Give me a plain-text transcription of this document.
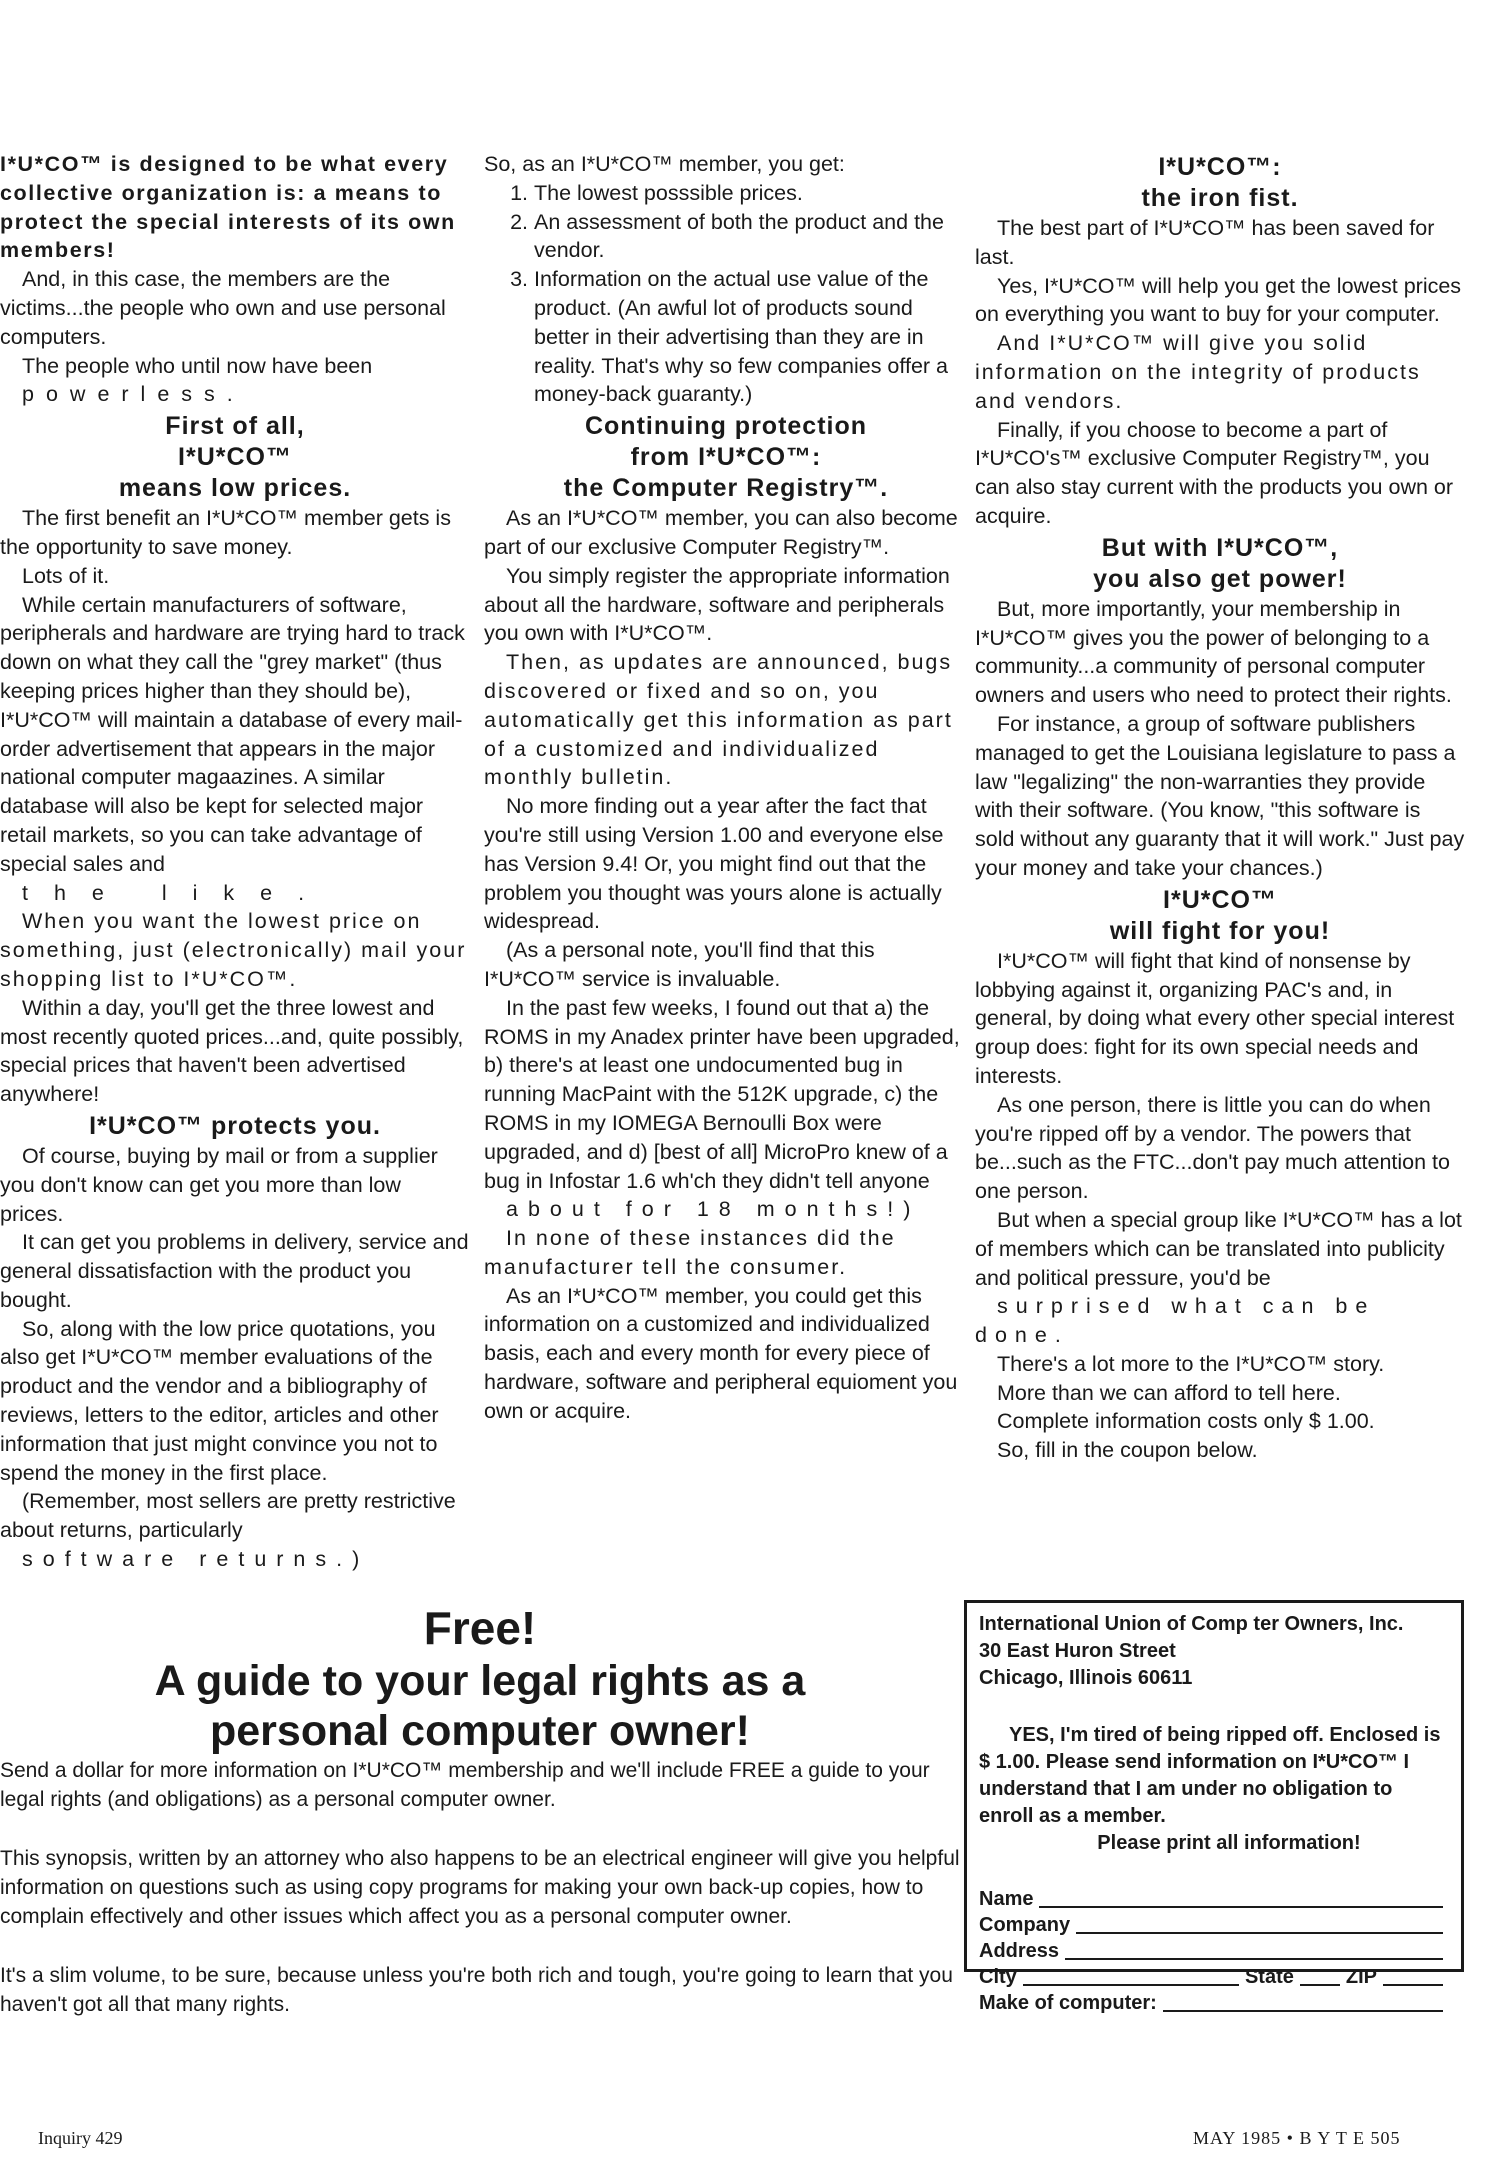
I*U*CO™ is designed to be what every collective organization is: a means to protect the special interests of its own members!

And, in this case, the members are the victims...the people who own and use personal computers.

The people who until now have been

powerless.

First of all,
I*U*CO™
means low prices.

The first benefit an I*U*CO™ member gets is the opportunity to save money.

Lots of it.

While certain manufacturers of software, peripherals and hardware are trying hard to track down on what they call the "grey market" (thus keeping prices higher than they should be), I*U*CO™ will maintain a database of every mail-order advertisement that appears in the major national computer magaazines. A similar database will also be kept for selected major retail markets, so you can take advantage of special sales and

the like.

When you want the lowest price on something, just (electronically) mail your shopping list to I*U*CO™.

Within a day, you'll get the three lowest and most recently quoted prices...and, quite possibly, special prices that haven't been advertised anywhere!

I*U*CO™ protects you.

Of course, buying by mail or from a supplier you don't know can get you more than low prices.

It can get you problems in delivery, service and general dissatisfaction with the product you bought.

So, along with the low price quotations, you also get I*U*CO™ member evaluations of the product and the vendor and a bibliography of reviews, letters to the editor, articles and other information that just might convince you not to spend the money in the first place.

(Remember, most sellers are pretty restrictive about returns, particularly

software returns.)

So, as an I*U*CO™ member, you get:

1. The lowest posssible prices.
2. An assessment of both the product and the vendor.
3. Information on the actual use value of the product. (An awful lot of products sound better in their advertising than they are in reality. That's why so few companies offer a money-back guaranty.)
Continuing protection
from I*U*CO™:
the Computer Registry™.

As an I*U*CO™ member, you can also become part of our exclusive Computer Registry™.

You simply register the appropriate information about all the hardware, software and peripherals you own with I*U*CO™.

Then, as updates are announced, bugs discovered or fixed and so on, you automatically get this information as part of a customized and individualized monthly bulletin.

No more finding out a year after the fact that you're still using Version 1.00 and everyone else has Version 9.4! Or, you might find out that the problem you thought was yours alone is actually widespread.

(As a personal note, you'll find that this I*U*CO™ service is invaluable.

In the past few weeks, I found out that a) the ROMS in my Anadex printer have been upgraded, b) there's at least one undocumented bug in running MacPaint with the 512K upgrade, c) the ROMS in my IOMEGA Bernoulli Box were upgraded, and d) [best of all] MicroPro knew of a bug in Infostar 1.6 wh'ch they didn't tell anyone

about for 18 months!)

In none of these instances did the manufacturer tell the consumer.

As an I*U*CO™ member, you could get this information on a customized and individualized basis, each and every month for every piece of hardware, software and peripheral equioment you own or acquire.

I*U*CO™:
the iron fist.

The best part of I*U*CO™ has been saved for last.

Yes, I*U*CO™ will help you get the lowest prices on everything you want to buy for your computer.

And I*U*CO™ will give you solid information on the integrity of products and vendors.

Finally, if you choose to become a part of I*U*CO's™ exclusive Computer Registry™, you can also stay current with the products you own or acquire.

But with I*U*CO™,
you also get power!

But, more importantly, your membership in I*U*CO™ gives you the power of belonging to a community...a community of personal computer owners and users who need to protect their rights.

For instance, a group of software publishers managed to get the Louisiana legislature to pass a law "legalizing" the non-warranties they provide with their software. (You know, "this software is sold without any guaranty that it will work." Just pay your money and take your chances.)

I*U*CO™
will fight for you!

I*U*CO™ will fight that kind of nonsense by lobbying against it, organizing PAC's and, in general, by doing what every other special interest group does: fight for its own special needs and interests.

As one person, there is little you can do when you're ripped off by a vendor. The powers that be...such as the FTC...don't pay much attention to one person.

But when a special group like I*U*CO™ has a lot of members which can be translated into publicity and political pressure, you'd be

surprised what can be done.

There's a lot more to the I*U*CO™ story.

More than we can afford to tell here.

Complete information costs only $ 1.00.

So, fill in the coupon below.

Free!
A guide to your legal rights as a
personal computer owner!

Send a dollar for more information on I*U*CO™ membership and we'll include FREE a guide to your legal rights (and obligations) as a personal computer owner.

This synopsis, written by an attorney who also happens to be an electrical engineer will give you helpful information on questions such as using copy programs for making your own back-up copies, how to complain effectively and other issues which affect you as a personal computer owner.

It's a slim volume, to be sure, because unless you're both rich and tough, you're going to learn that you haven't got all that many rights.

International Union of Comp ter Owners, Inc.
30 East Huron Street
Chicago, Illinois 60611

YES, I'm tired of being ripped off. Enclosed is $ 1.00. Please send information on I*U*CO™ I understand that I am under no obligation to enroll as a member.

Please print all information!

Name
Company
Address
City	State	ZIP
Make of computer:
Inquiry 429	MAY 1985 • B Y T E 505
